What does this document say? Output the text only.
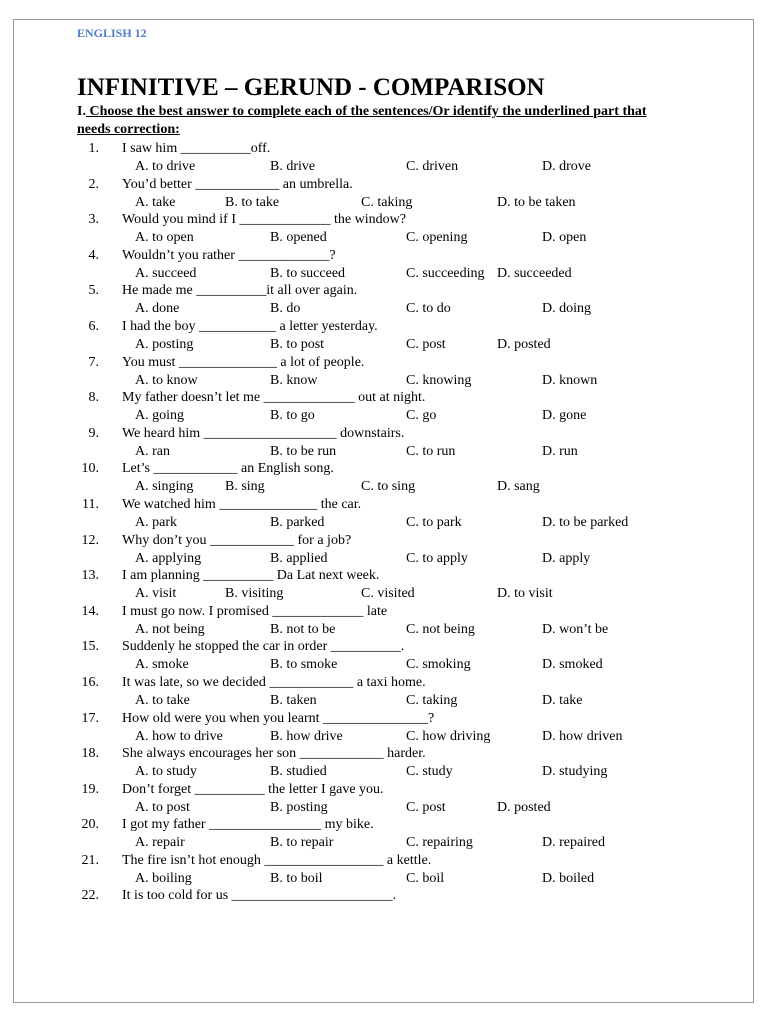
ENGLISH 12
INFINITIVE – GERUND - COMPARISON
I. Choose the best answer to complete each of the sentences/Or identify the underlined part that needs correction:
1. I saw him __________off.
A. to drive	B. drive	C. driven	D. drove
2. You’d better ____________ an umbrella.
A. take	B. to take	C. taking	D. to be taken
3. Would you mind if I _____________ the window?
A. to open	B. opened	C. opening	D. open
4. Wouldn’t you rather _____________?
A. succeed	B. to succeed	C. succeeding D. succeeded
5. He made me __________it all over again.
A. done	B. do	C. to do	D. doing
6. I had the boy ___________ a letter yesterday.
A. posting	B. to post	C. post	D. posted
7. You must ______________ a lot of people.
A. to know	B. know	C. knowing	D. known
8. My father doesn’t let me _____________ out at night.
A. going	B. to go	C. go	D. gone
9. We heard him ___________________ downstairs.
A. ran	B. to be run	C. to run	D. run
10. Let’s ____________ an English song.
A. singing B. sing	C. to sing	D. sang
11. We watched him ______________ the car.
A. park	B. parked	C. to park	D. to be parked
12. Why don’t you ____________ for a job?
A. applying	B. applied	C. to apply	D. apply
13. I am planning __________ Da Lat next week.
A. visit	B. visiting	C. visited	D. to visit
14. I must go now. I promised _____________ late
A. not being	B. not to be	C. not being	D. won’t be
15. Suddenly he stopped the car in order __________.
A. smoke	B. to smoke	C. smoking	D. smoked
16. It was late, so we decided ____________ a taxi home.
A. to take	B. taken	C. taking	D. take
17. How old were you when you learnt _______________?
A. how to drive	B. how drive	C. how driving	D. how driven
18. She always encourages her son ____________ harder.
A. to study	B. studied	C. study	D. studying
19. Don’t forget __________ the letter I gave you.
A. to post	B. posting	C. post	D. posted
20. I got my father ________________ my bike.
A. repair	B. to repair	C. repairing	D. repaired
21. The fire isn’t hot enough _________________ a kettle.
A. boiling	B. to boil	C. boil	D. boiled
22. It is too cold for us _______________________.
